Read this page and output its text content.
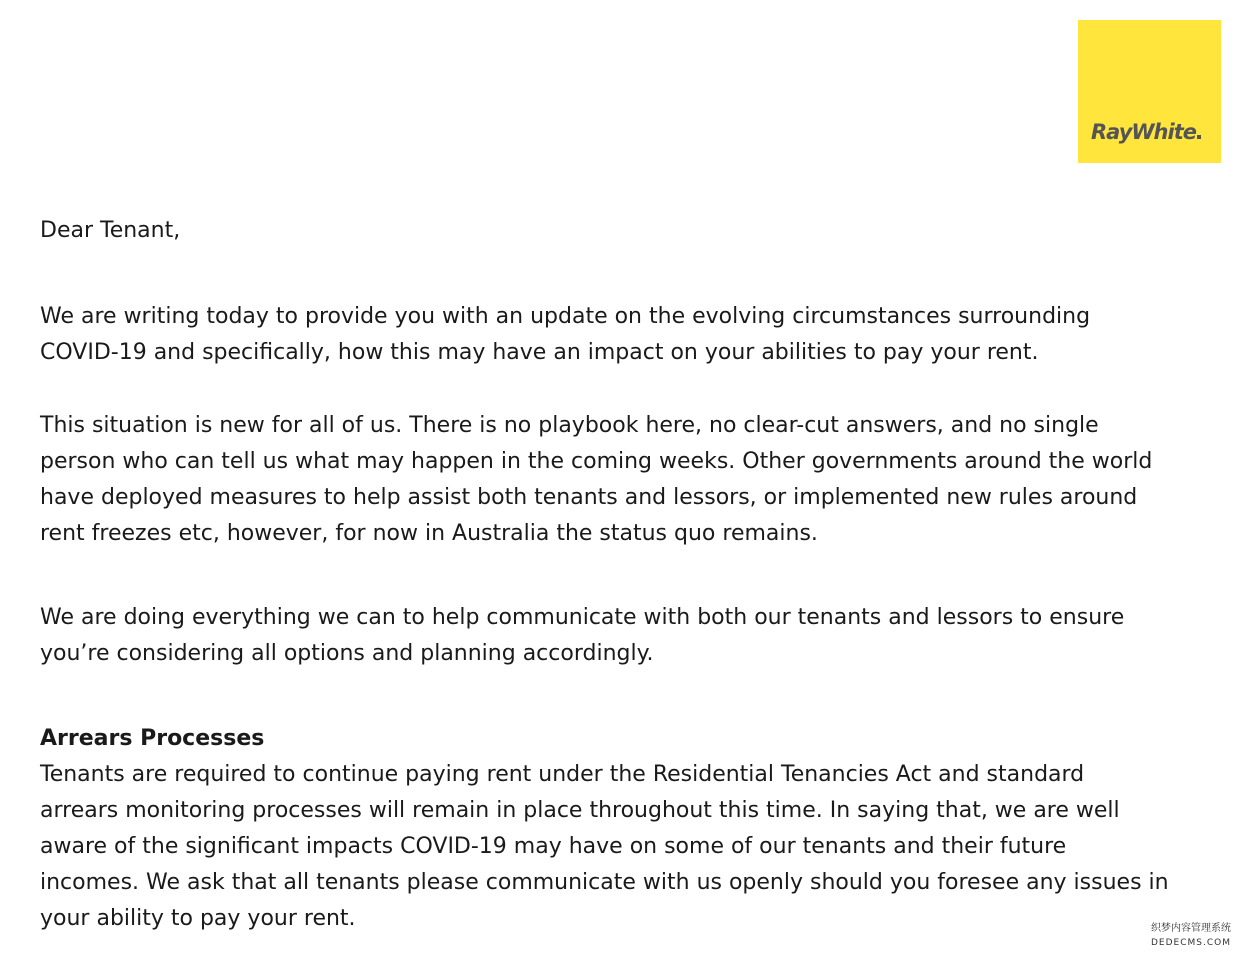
RayWhite

Dear Tenant,

We are writing today to provide you with an update on the evolving circumstances surrounding

COVID-19 and specifically, how this may have an impact on your abilities to pay your rent.

This situation is new for all of us. There is no playbook here, no clear-cut answers, and no single

person who can tell us what may happen in the coming weeks. Other governments around the world

have deployed measures to help assist both tenants and lessors, or implemented new rules around

rent freezes etc, however, for now in Australia the status quo remains.

We are doing everything we can to help communicate with both our tenants and lessors to ensure

you’re considering all options and planning accordingly.

Arrears Processes

Tenants are required to continue paying rent under the Residential Tenancies Act and standard

arrears monitoring processes will remain in place throughout this time. In saying that, we are well

aware of the significant impacts COVID-19 may have on some of our tenants and their future

incomes. We ask that all tenants please communicate with us openly should you foresee any issues in

your ability to pay your rent.	织梦内容管理系统
DEDECMS.COM
